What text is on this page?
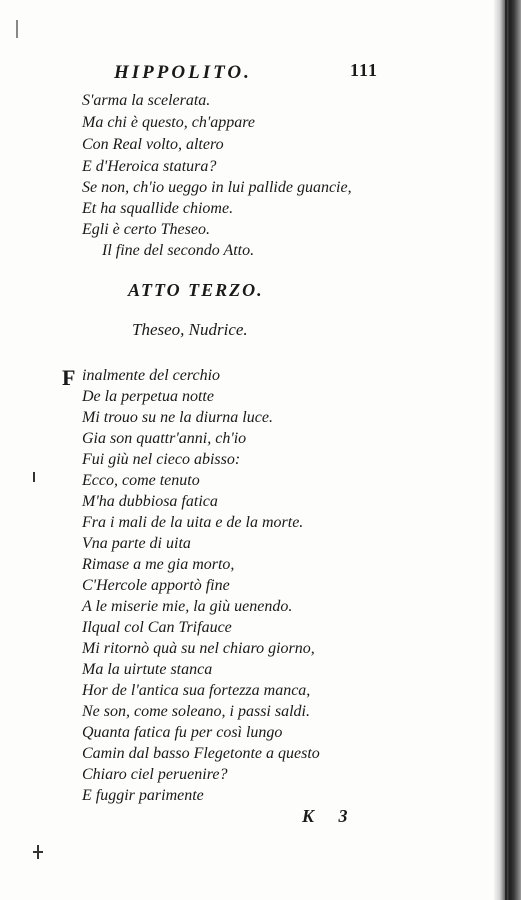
HIPPOLITO.	111
S'arma la scelerata.
Ma chi è questo, ch'appare
Con Real volto, altero
E d'Heroica statura?
Se non, ch'io ueggo in lui pallide guancie,
Et ha squallide chiome.
Egli è certo Theseo.
Il fine del secondo Atto.
ATTO TERZO.
Theseo, Nudrice.
F inalmente del cerchio
De la perpetua notte
Mi trouo su ne la diurna luce.
Gia son quattr'anni, ch'io
Fui giù nel cieco abisso:
Ecco, come tenuto
M'ha dubbiosa fatica
Fra i mali de la uita e de la morte.
Vna parte di uita
Rimase a me gia morto,
C'Hercole apportò fine
A le miserie mie, la giù uenendo.
Ilqual col Can Trifauce
Mi ritornò quà su nel chiaro giorno,
Ma la uirtute stanca
Hor de l'antica sua fortezza manca,
Ne son, come soleano, i passi saldi.
Quanta fatica fu per così lungo
Camin dal basso Flegetonte a questo
Chiaro ciel peruenire?
E fuggir parimente
K 3
